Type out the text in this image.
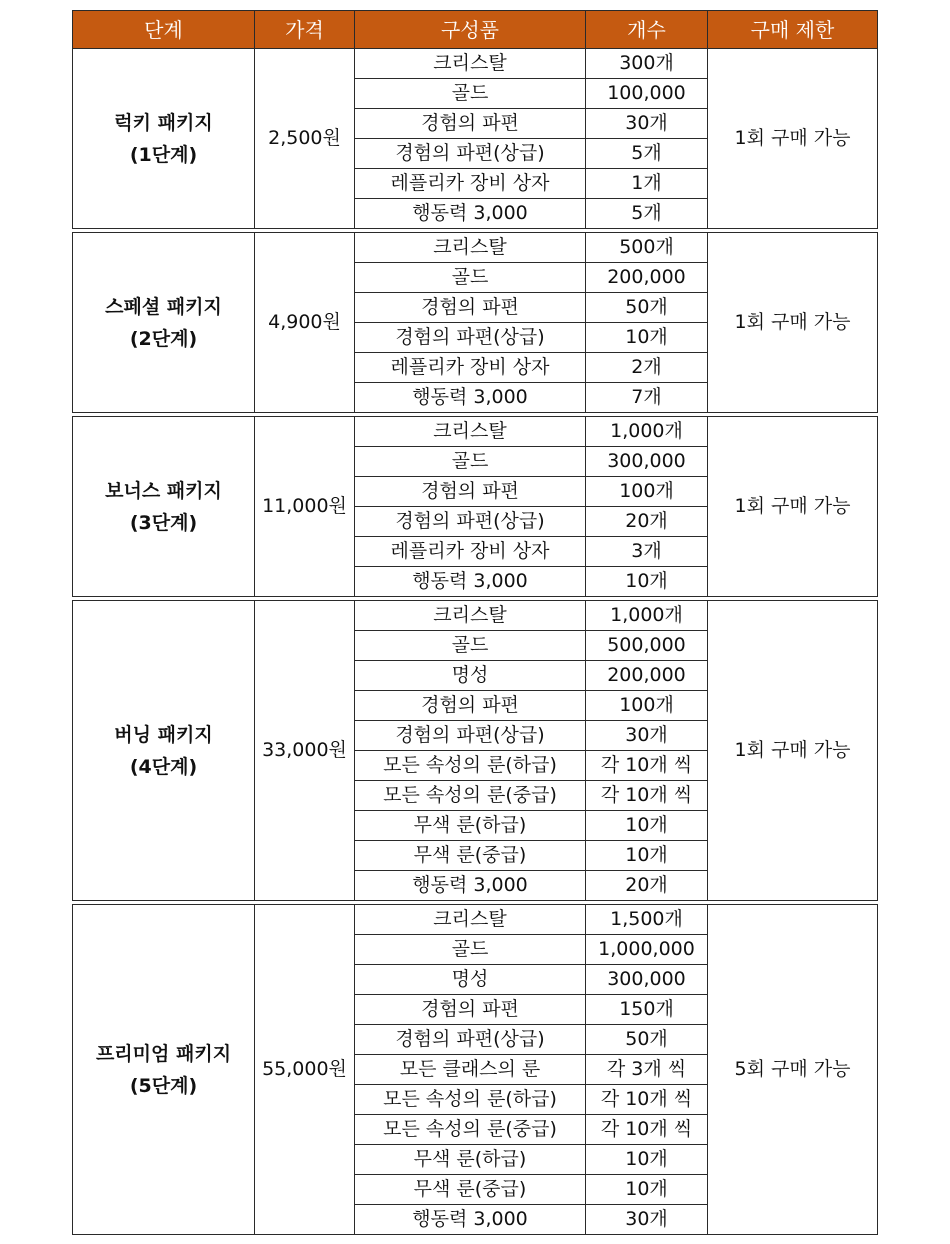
단계	가격	구성품	개수	구매 제한
럭키 패키지
(1단계)	2,500원	크리스탈	300개	1회 구매 가능
		골드	100,000	
		경험의 파편	30개	
		경험의 파편(상급)	5개	
		레플리카 장비 상자	1개	
		행동력 3,000	5개	

스페셜 패키지
(2단계)	4,900원	크리스탈	500개	1회 구매 가능
		골드	200,000	
		경험의 파편	50개	
		경험의 파편(상급)	10개	
		레플리카 장비 상자	2개	
		행동력 3,000	7개	

보너스 패키지
(3단계)	11,000원	크리스탈	1,000개	1회 구매 가능
		골드	300,000	
		경험의 파편	100개	
		경험의 파편(상급)	20개	
		레플리카 장비 상자	3개	
		행동력 3,000	10개	

버닝 패키지
(4단계)	33,000원	크리스탈	1,000개	1회 구매 가능
		골드	500,000	
		명성	200,000	
		경험의 파편	100개	
		경험의 파편(상급)	30개	
		모든 속성의 룬(하급)	각 10개 씩	
		모든 속성의 룬(중급)	각 10개 씩	
		무색 룬(하급)	10개	
		무색 룬(중급)	10개	
		행동력 3,000	20개	

프리미엄 패키지
(5단계)	55,000원	크리스탈	1,500개	5회 구매 가능
		골드	1,000,000	
		명성	300,000	
		경험의 파편	150개	
		경험의 파편(상급)	50개	
		모든 클래스의 룬	각 3개 씩	
		모든 속성의 룬(하급)	각 10개 씩	
		모든 속성의 룬(중급)	각 10개 씩	
		무색 룬(하급)	10개	
		무색 룬(중급)	10개	
		행동력 3,000	30개	
